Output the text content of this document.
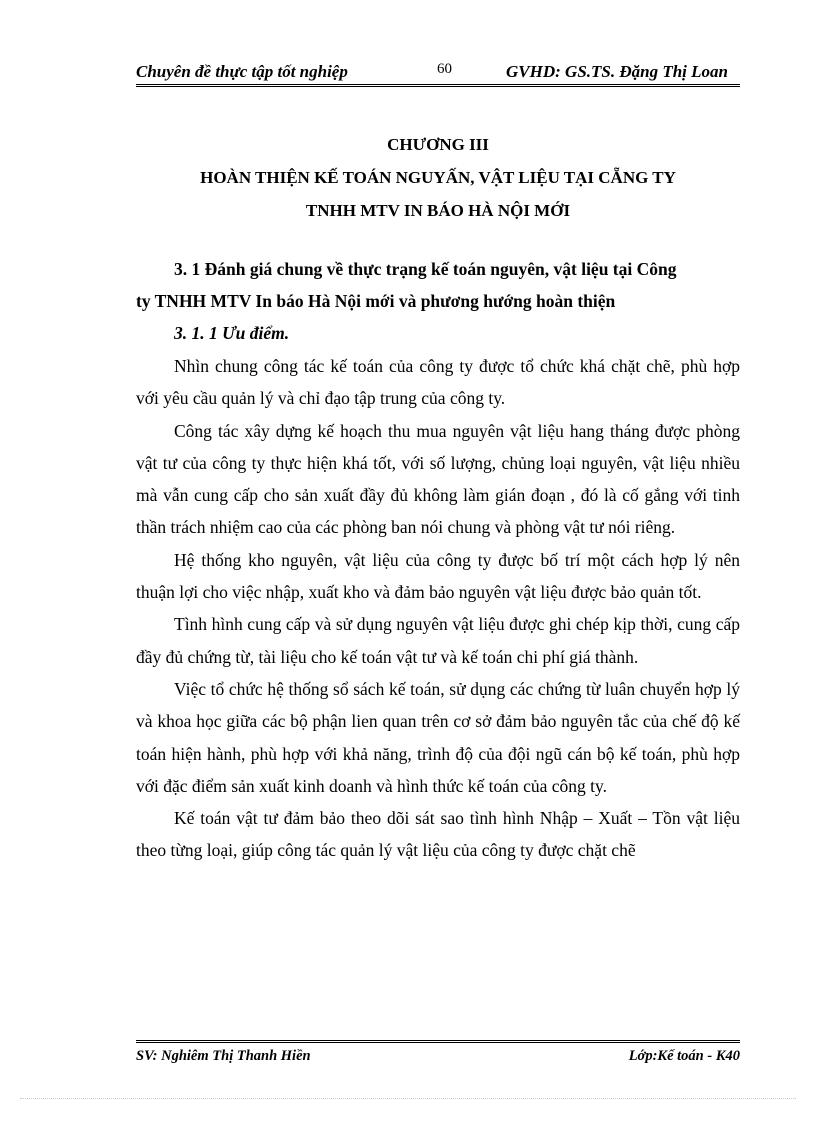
Chuyên đề thực tập tốt nghiệp	60	GVHD: GS.TS. Đặng Thị Loan
CHƯƠNG III
HOÀN THIỆN KẾ TOÁN NGUYẤN, VẬT LIỆU TẠI CẴNG TY
TNHH MTV IN BÁO HÀ NỘI MỚI
3. 1 Đánh giá chung về thực trạng kế toán nguyên, vật liệu tại Công
ty TNHH MTV In báo Hà Nội mới và phương hướng hoàn thiện
3. 1. 1 Ưu điểm.

Nhìn chung công tác kế toán của công ty được tổ chức khá chặt chẽ, phù hợp với yêu cầu quản lý và chỉ đạo tập trung của công ty.

Công tác xây dựng kế hoạch thu mua nguyên vật liệu hang tháng được phòng vật tư của công ty thực hiện khá tốt, với số lượng, chủng loại nguyên, vật liệu nhiều mà vẫn cung cấp cho sản xuất đầy đủ không làm gián đoạn , đó là cố gắng với tinh thần trách nhiệm cao của các phòng ban nói chung và phòng vật tư nói riêng.

Hệ thống kho nguyên, vật liệu của công ty được bố trí một cách hợp lý nên thuận lợi cho việc nhập, xuất kho và đảm bảo nguyên vật liệu được bảo quản tốt.

Tình hình cung cấp và sử dụng nguyên vật liệu được ghi chép kịp thời, cung cấp đầy đủ chứng từ, tài liệu cho kế toán vật tư và kế toán chi phí giá thành.

Việc tổ chức hệ thống sổ sách kế toán, sử dụng các chứng từ luân chuyển hợp lý và khoa học giữa các bộ phận lien quan trên cơ sở đảm bảo nguyên tắc của chế độ kế toán hiện hành, phù hợp với khả năng, trình độ của đội ngũ cán bộ kế toán, phù hợp với đặc điểm sản xuất kinh doanh và hình thức kế toán của công ty.

Kế toán vật tư đảm bảo theo dõi sát sao tình hình Nhập – Xuất – Tồn vật liệu theo từng loại, giúp công tác quản lý vật liệu của công ty được chặt chẽ

SV: Nghiêm Thị Thanh Hiền	Lớp:Kế toán - K40
